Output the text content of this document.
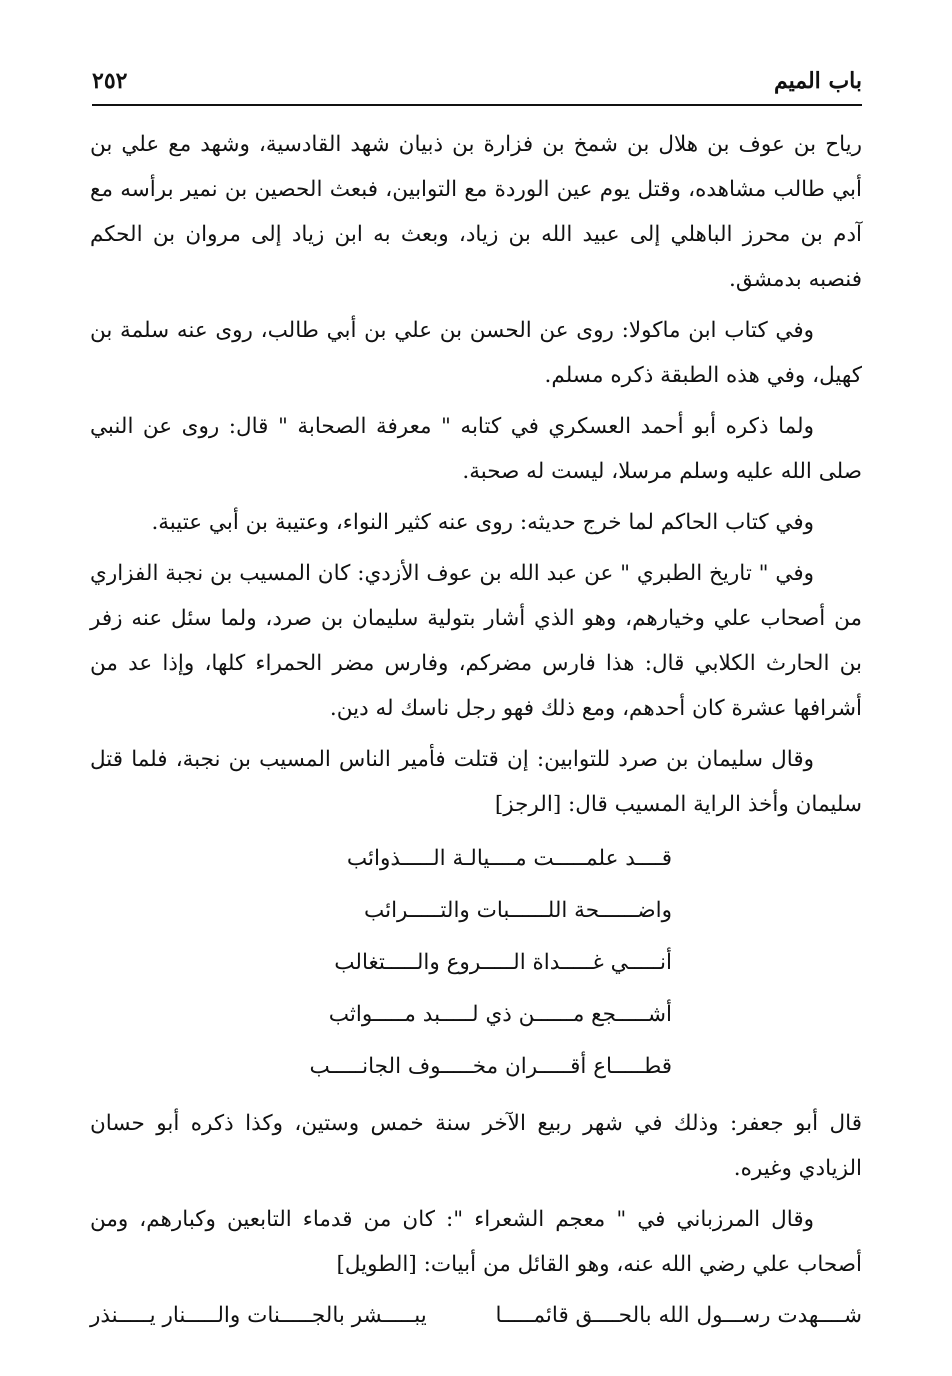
باب الميم
٢٥٢

رياح بن عوف بن هلال بن شمخ بن فزارة بن ذبيان شهد القادسية، وشهد مع علي بن أبي طالب مشاهده، وقتل يوم عين الوردة مع التوابين، فبعث الحصين بن نمير برأسه مع آدم بن محرز الباهلي إلى عبيد الله بن زياد، وبعث به ابن زياد إلى مروان بن الحكم فنصبه بدمشق.

وفي كتاب ابن ماكولا: روى عن الحسن بن علي بن أبي طالب، روى عنه سلمة بن كهيل، وفي هذه الطبقة ذكره مسلم.

ولما ذكره أبو أحمد العسكري في كتابه " معرفة الصحابة " قال: روى عن النبي صلى الله عليه وسلم مرسلا، ليست له صحبة.

وفي كتاب الحاكم لما خرج حديثه: روى عنه كثير النواء، وعتيبة بن أبي عتيبة.

وفي " تاريخ الطبري " عن عبد الله بن عوف الأزدي: كان المسيب بن نجبة الفزاري من أصحاب علي وخيارهم، وهو الذي أشار بتولية سليمان بن صرد، ولما سئل عنه زفر بن الحارث الكلابي قال: هذا فارس مضركم، وفارس مضر الحمراء كلها، وإذا عد من أشرافها عشرة كان أحدهم، ومع ذلك فهو رجل ناسك له دين.

وقال سليمان بن صرد للتوابين: إن قتلت فأمير الناس المسيب بن نجبة، فلما قتل سليمان وأخذ الراية المسيب قال: [الرجز]

قــــد علمـــــت مــــيالـة الـــــذوائب
واضــــــحة اللــــــبات والتـــــرائب
أنـــــي غـــــداة الـــــروع والـــــتغالب
أشـــــجع مــــــن ذي لـــــبد مـــــواثب
قطـــــاع أقـــــران مخـــــوف الجانـــــب

قال أبو جعفر: وذلك في شهر ربيع الآخر سنة خمس وستين، وكذا ذكره أبو حسان الزيادي وغيره.

وقال المرزباني في " معجم الشعراء ": كان من قدماء التابعين وكبارهم، ومن أصحاب علي رضي الله عنه، وهو القائل من أبيات: [الطويل]

شــــهدت رســـول الله بالحــــق قائمـــــا
يبـــــشر بالجـــــنات والـــــنار يـــــنذر
